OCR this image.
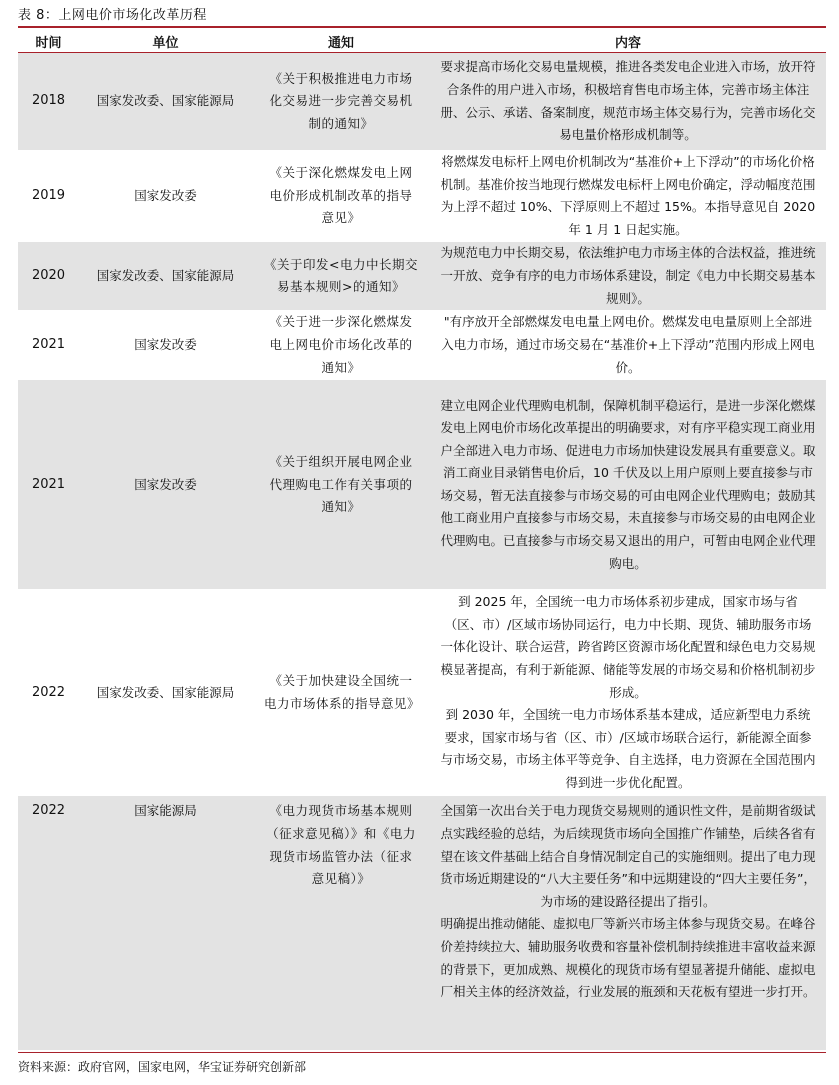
表 8：上网电价市场化改革历程
时间	单位	通知	内容
2018	国家发改委、国家能源局	《关于积极推进电力市场化交易进一步完善交易机制的通知》	要求提高市场化交易电量规模，推进各类发电企业进入市场，放开符合条件的用户进入市场，积极培育售电市场主体，完善市场主体注册、公示、承诺、备案制度，规范市场主体交易行为，完善市场化交易电量价格形成机制等。

2019	国家发改委	《关于深化燃煤发电上网电价形成机制改革的指导意见》	将燃煤发电标杆上网电价机制改为“基准价+上下浮动”的市场化价格机制。基准价按当地现行燃煤发电标杆上网电价确定，浮动幅度范围为上浮不超过 10%、下浮原则上不超过 15%。本指导意见自 2020 年 1 月 1 日起实施。

2020	国家发改委、国家能源局	《关于印发<电力中长期交易基本规则>的通知》	为规范电力中长期交易，依法维护电力市场主体的合法权益，推进统一开放、竞争有序的电力市场体系建设，制定《电力中长期交易基本规则》。

2021	国家发改委	《关于进一步深化燃煤发电上网电价市场化改革的通知》	"有序放开全部燃煤发电电量上网电价。燃煤发电电量原则上全部进入电力市场，通过市场交易在“基准价+上下浮动”范围内形成上网电价。

2021	国家发改委	《关于组织开展电网企业代理购电工作有关事项的通知》	建立电网企业代理购电机制，保障机制平稳运行，是进一步深化燃煤发电上网电价市场化改革提出的明确要求，对有序平稳实现工商业用户全部进入电力市场、促进电力市场加快建设发展具有重要意义。取消工商业目录销售电价后，10 千伏及以上用户原则上要直接参与市场交易，暂无法直接参与市场交易的可由电网企业代理购电；鼓励其他工商业用户直接参与市场交易，未直接参与市场交易的由电网企业代理购电。已直接参与市场交易又退出的用户，可暂由电网企业代理购电。

2022	国家发改委、国家能源局	《关于加快建设全国统一电力市场体系的指导意见》	到 2025 年，全国统一电力市场体系初步建成，国家市场与省（区、市）/区域市场协同运行，电力中长期、现货、辅助服务市场一体化设计、联合运营，跨省跨区资源市场化配置和绿色电力交易规模显著提高，有利于新能源、储能等发展的市场交易和价格机制初步形成。
到 2030 年，全国统一电力市场体系基本建成，适应新型电力系统要求，国家市场与省（区、市）/区域市场联合运行，新能源全面参与市场交易，市场主体平等竞争、自主选择，电力资源在全国范围内得到进一步优化配置。

2022	国家能源局	《电力现货市场基本规则（征求意见稿）》和《电力现货市场监管办法（征求意见稿）》	全国第一次出台关于电力现货交易规则的通识性文件，是前期省级试点实践经验的总结，为后续现货市场向全国推广作铺垫，后续各省有望在该文件基础上结合自身情况制定自己的实施细则。提出了电力现货市场近期建设的“八大主要任务”和中远期建设的“四大主要任务”，为市场的建设路径提出了指引。
明确提出推动储能、虚拟电厂等新兴市场主体参与现货交易。在峰谷价差持续拉大、辅助服务收费和容量补偿机制持续推进丰富收益来源的背景下，更加成熟、规模化的现货市场有望显著提升储能、虚拟电厂相关主体的经济效益，行业发展的瓶颈和天花板有望进一步打开。
资料来源：政府官网，国家电网，华宝证券研究创新部
